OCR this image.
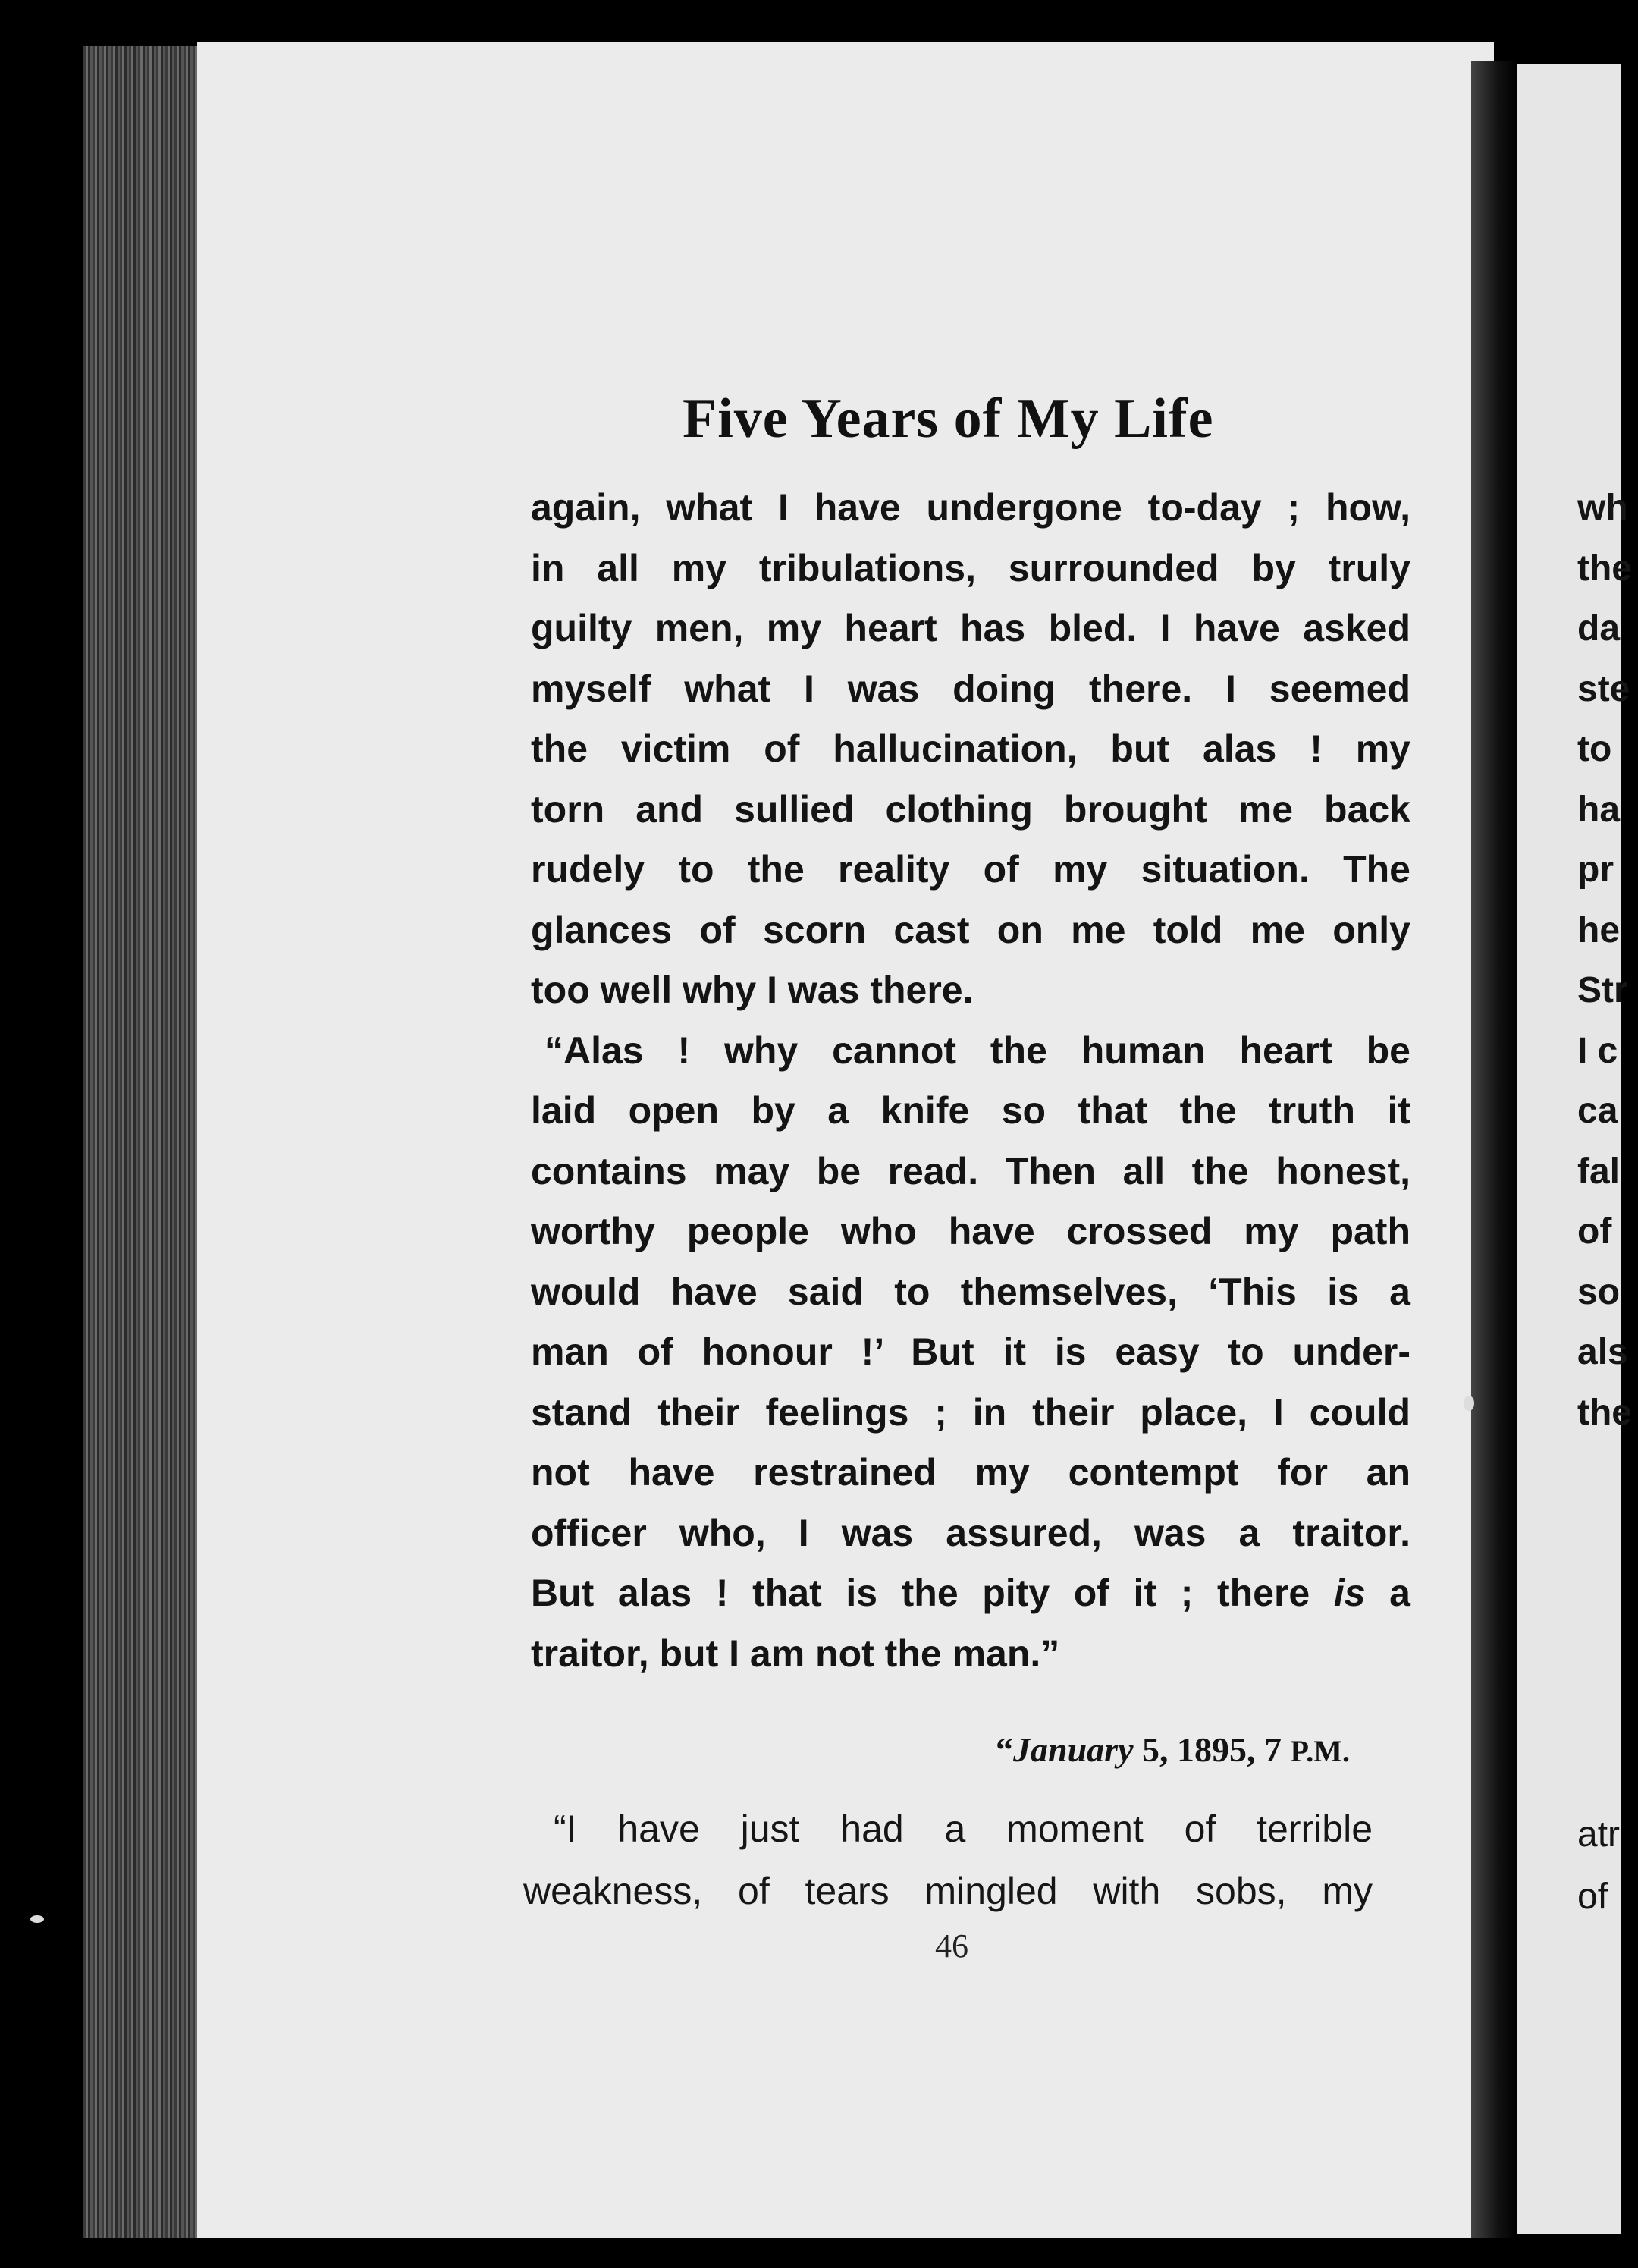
Five Years of My Life
again, what I have undergone to-day ; how,
in all my tribulations, surrounded by truly
guilty men, my heart has bled. I have asked
myself what I was doing there. I seemed
the victim of hallucination, but alas ! my
torn and sullied clothing brought me back
rudely to the reality of my situation. The
glances of scorn cast on me told me only
too well why I was there.
“Alas ! why cannot the human heart be
laid open by a knife so that the truth it
contains may be read. Then all the honest,
worthy people who have crossed my path
would have said to themselves, ‘This is a
man of honour !’ But it is easy to under-
stand their feelings ; in their place, I could
not have restrained my contempt for an
officer who, I was assured, was a traitor.
But alas ! that is the pity of it ; there is a
traitor, but I am not the man.”
“January 5, 1895, 7 P.M.
“I have just had a moment of terrible
weakness, of tears mingled with sobs, my
46
wh
the
da
ste
to
ha
pr
he
Str
I c
ca
fal
of
so
als
the
atr
of
